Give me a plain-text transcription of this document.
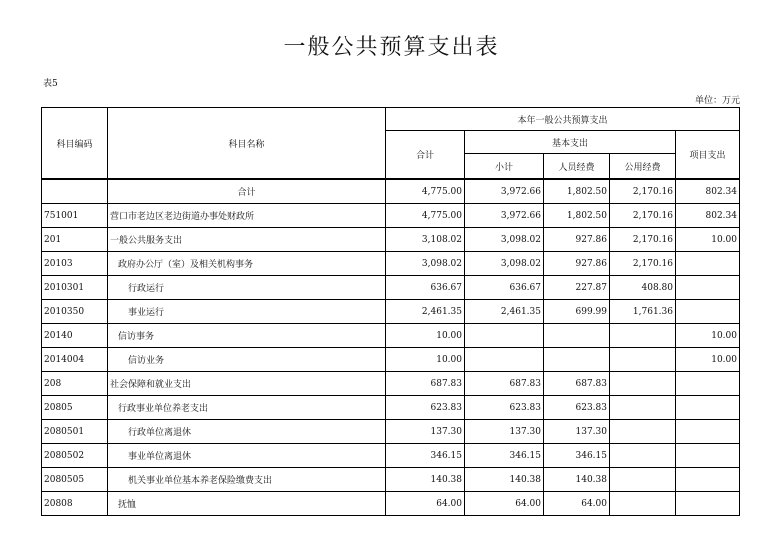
一般公共预算支出表
表5
单位：万元
科目编码	科目名称	本年一般公共预算支出				
		合计	基本支出			项目支出
			小计	人员经费	公用经费	
	合计	4,775.00	3,972.66	1,802.50	2,170.16	802.34
751001	营口市老边区老边街道办事处财政所	4,775.00	3,972.66	1,802.50	2,170.16	802.34
201	一般公共服务支出	3,108.02	3,098.02	927.86	2,170.16	10.00
20103	政府办公厅（室）及相关机构事务	3,098.02	3,098.02	927.86	2,170.16	
2010301	行政运行	636.67	636.67	227.87	408.80	
2010350	事业运行	2,461.35	2,461.35	699.99	1,761.36	
20140	信访事务	10.00				10.00
2014004	信访业务	10.00				10.00
208	社会保障和就业支出	687.83	687.83	687.83		
20805	行政事业单位养老支出	623.83	623.83	623.83		
2080501	行政单位离退休	137.30	137.30	137.30		
2080502	事业单位离退休	346.15	346.15	346.15		
2080505	机关事业单位基本养老保险缴费支出	140.38	140.38	140.38		
20808	抚恤	64.00	64.00	64.00		
